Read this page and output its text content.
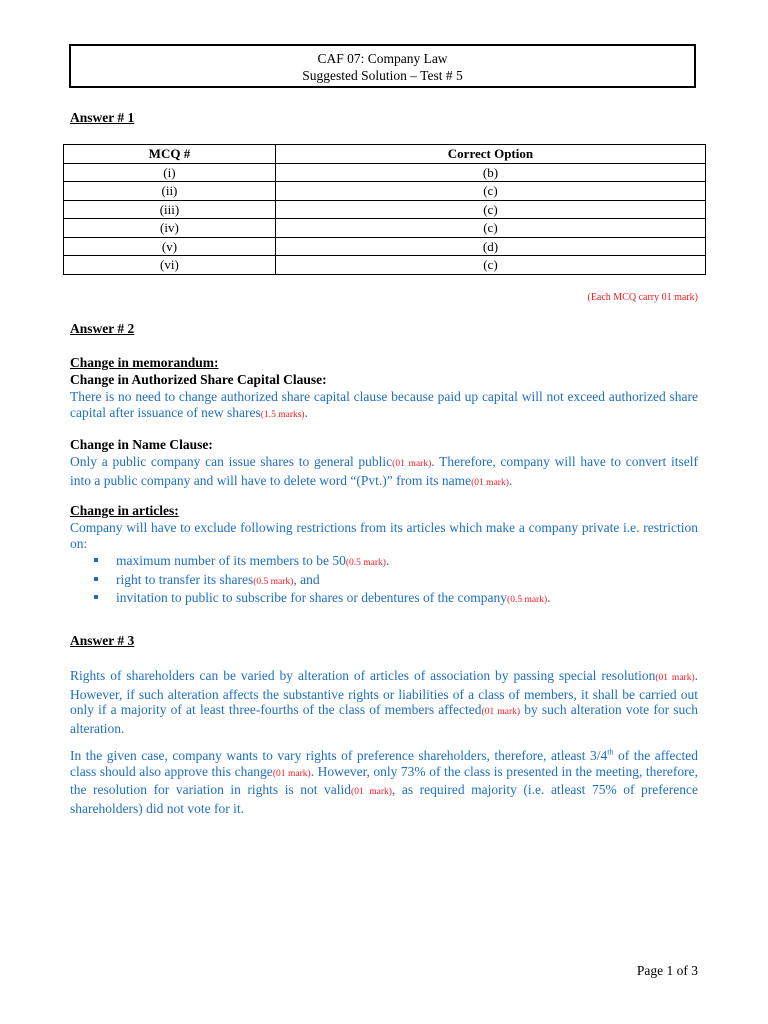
CAF 07: Company Law
Suggested Solution – Test # 5
Answer # 1
MCQ #	Correct Option
(i)	(b)
(ii)	(c)
(iii)	(c)
(iv)	(c)
(v)	(d)
(vi)	(c)
(Each MCQ carry 01 mark)
Answer # 2
Change in memorandum:
Change in Authorized Share Capital Clause:
There is no need to change authorized share capital clause because paid up capital will not exceed authorized share capital after issuance of new shares(1.5 marks).
Change in Name Clause:
Only a public company can issue shares to general public(01 mark). Therefore, company will have to convert itself into a public company and will have to delete word “(Pvt.)” from its name(01 mark).
Change in articles:
Company will have to exclude following restrictions from its articles which make a company private i.e. restriction on:
maximum number of its members to be 50(0.5 mark).
right to transfer its shares(0.5 mark), and
invitation to public to subscribe for shares or debentures of the company(0.5 mark).
Answer # 3
Rights of shareholders can be varied by alteration of articles of association by passing special resolution(01 mark). However, if such alteration affects the substantive rights or liabilities of a class of members, it shall be carried out only if a majority of at least three-fourths of the class of members affected(01 mark) by such alteration vote for such alteration.
In the given case, company wants to vary rights of preference shareholders, therefore, atleast 3/4th of the affected class should also approve this change(01 mark). However, only 73% of the class is presented in the meeting, therefore, the resolution for variation in rights is not valid(01 mark), as required majority (i.e. atleast 75% of preference shareholders) did not vote for it.
Page 1 of 3
